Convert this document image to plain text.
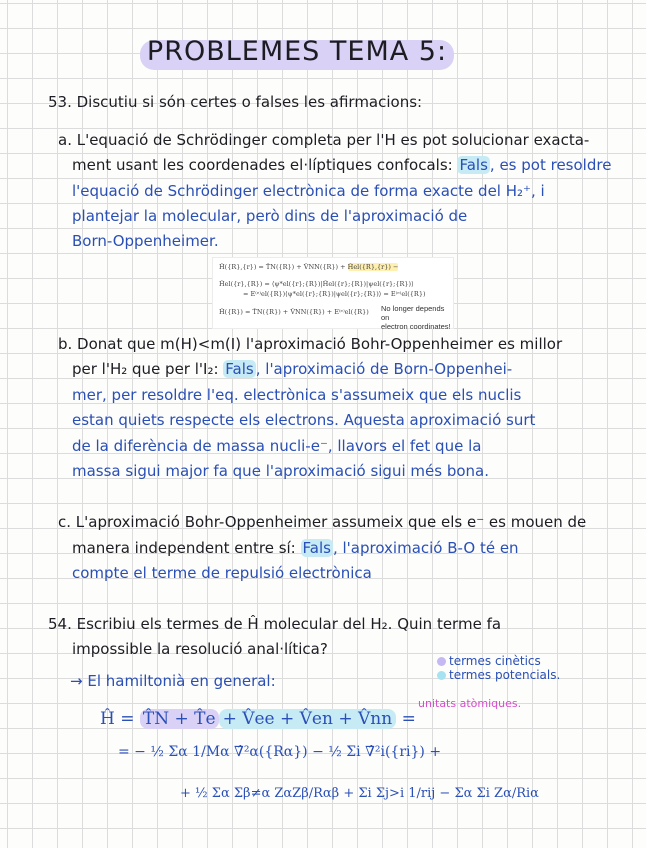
PROBLEMES TEMA 5:
53. Discutiu si són certes o falses les afirmacions:
a. L'equació de Schrödinger completa per l'H es pot solucionar exacta-
ment usant les coordenades el·líptiques confocals: Fals , es pot resoldre
l'equació de Schrödinger electrònica de forma exacte del H₂⁺, i
plantejar la molecular, però dins de l'aproximació de
Born-Oppenheimer.
Ĥ({R},{r}) = T̂N({R}) + V̂NN({R}) + Ĥel({R},{r}) −
Ĥel({r},{R}) = ⟨ψ*el({r};{R})|Ĥel({r};{R})|ψel({r};{R})⟩
= E⁽ᵉ⁾el({R})⟨ψ*el({r};{R})|ψel({r};{R})⟩ = E⁽ᵉ⁾el({R})
Ĥ({R}) = T̂N({R}) + V̂NN({R}) + E⁽ᵉ⁾el({R}) No longer depends on
electron coordinates!
b. Donat que m(H)<m(I) l'aproximació Bohr-Oppenheimer es millor
per l'H₂ que per l'I₂: Fals , l'aproximació de Born-Oppenhei-
mer, per resoldre l'eq. electrònica s'assumeix que els nuclis
estan quiets respecte els electrons. Aquesta aproximació surt
de la diferència de massa nucli-e⁻, llavors el fet que la
massa sigui major fa que l'aproximació sigui més bona.
c. L'aproximació Bohr-Oppenheimer assumeix que els e⁻ es mouen de
manera independent entre sí: Fals , l'aproximació B-O té en
compte el terme de repulsió electrònica
54. Escribiu els termes de Ĥ molecular del H₂. Quin terme fa
impossible la resolució anal·lítica?
termes cinètics
termes potencials.
→ El hamiltonià en general:
unitats atòmiques.
Ĥ = T̂N + T̂e + V̂ee + V̂en + V̂nn =
= − ½ Σα 1/Mα ∇̂²α({Rα}) − ½ Σi ∇̂²i({ri}) +
+ ½ Σα Σβ≠α ZαZβ/Rαβ + Σi Σj>i 1/rij − Σα Σi Zα/Riα
